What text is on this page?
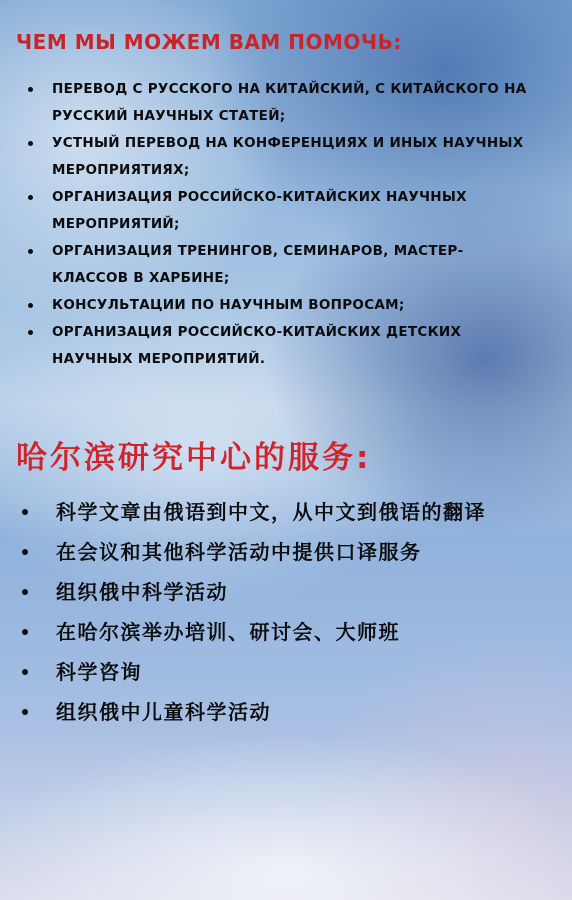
ЧЕМ МЫ МОЖЕМ ВАМ ПОМОЧЬ:
ПЕРЕВОД С РУССКОГО НА КИТАЙСКИЙ, С КИТАЙСКОГО НА РУССКИЙ НАУЧНЫХ СТАТЕЙ;
УСТНЫЙ ПЕРЕВОД НА КОНФЕРЕНЦИЯХ И ИНЫХ НАУЧНЫХ МЕРОПРИЯТИЯХ;
ОРГАНИЗАЦИЯ РОССИЙСКО-КИТАЙСКИХ НАУЧНЫХ МЕРОПРИЯТИЙ;
ОРГАНИЗАЦИЯ ТРЕНИНГОВ, СЕМИНАРОВ, МАСТЕР-КЛАССОВ В ХАРБИНЕ;
КОНСУЛЬТАЦИИ ПО НАУЧНЫМ ВОПРОСАМ;
ОРГАНИЗАЦИЯ РОССИЙСКО-КИТАЙСКИХ ДЕТСКИХ НАУЧНЫХ МЕРОПРИЯТИЙ.
哈尔滨研究中心的服务:
科学文章由俄语到中文，从中文到俄语的翻译
在会议和其他科学活动中提供口译服务
组织俄中科学活动
在哈尔滨举办培训、研讨会、大师班
科学咨询
组织俄中儿童科学活动
